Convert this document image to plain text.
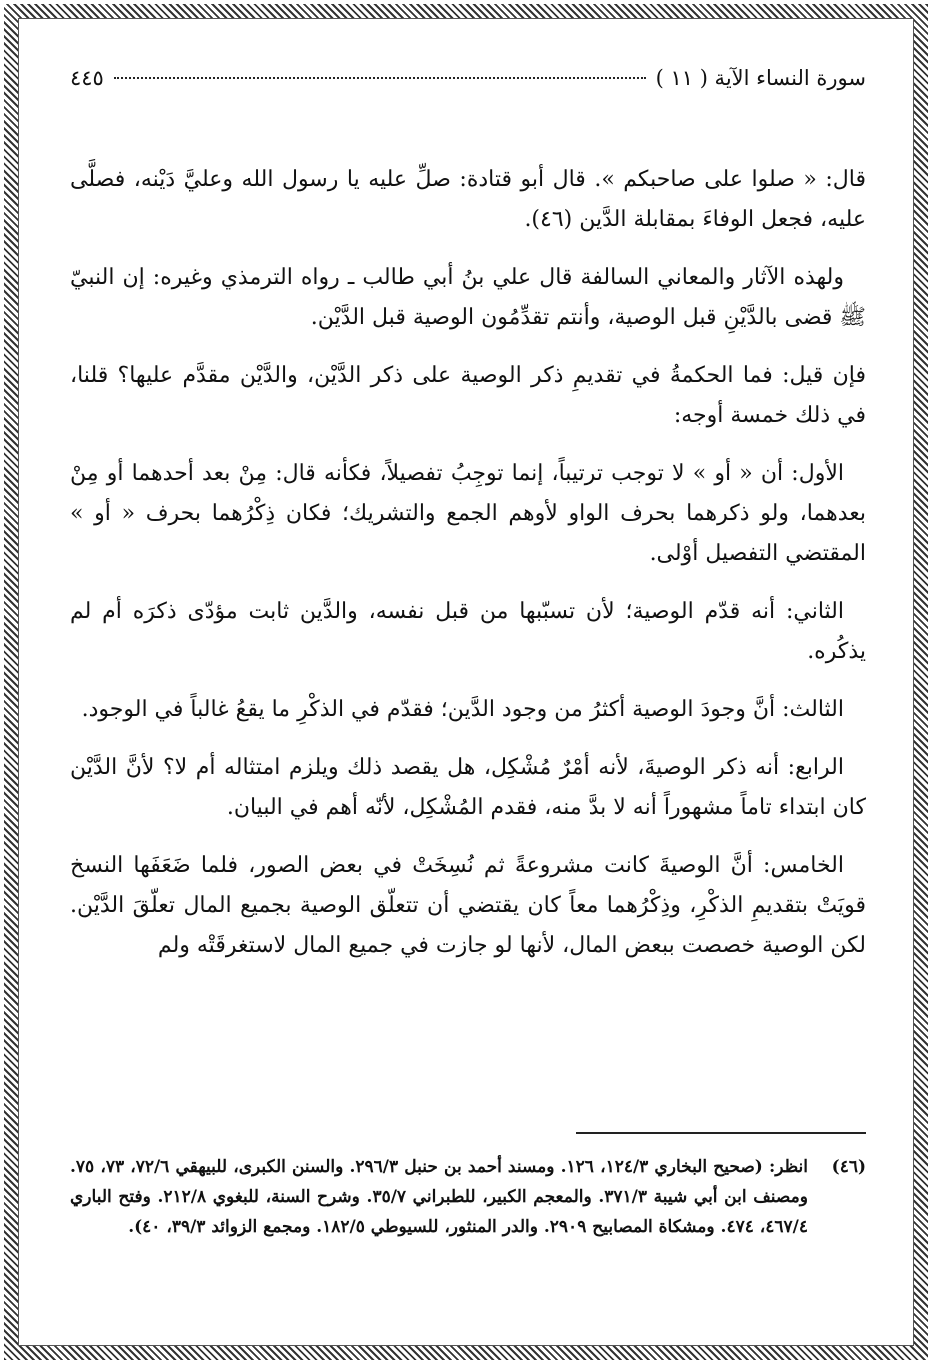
سورة النساء الآية ( ١١ )
٤٤٥

قال: « صلوا على صاحبكم ». قال أبو قتادة: صلِّ عليه يا رسول الله وعليَّ دَيْنه، فصلَّى عليه، فجعل الوفاءَ بمقابلة الدَّين (٤٦).

ولهذه الآثار والمعاني السالفة قال علي بنُ أبي طالب ـ رواه الترمذي وغيره: إن النبيّ ﷺ قضى بالدَّيْنِ قبل الوصية، وأنتم تقدِّمُون الوصية قبل الدَّيْن.

فإن قيل: فما الحكمةُ في تقديمِ ذكر الوصية على ذكر الدَّيْن، والدَّيْن مقدَّم عليها؟ قلنا، في ذلك خمسة أوجه:

الأول: أن « أو » لا توجب ترتيباً، إنما توجِبُ تفصيلاً، فكأنه قال: مِنْ بعد أحدهما أو مِنْ بعدهما، ولو ذكرهما بحرف الواو لأوهم الجمع والتشريك؛ فكان ذِكْرُهما بحرف « أو » المقتضي التفصيل أوْلى.

الثاني: أنه قدّم الوصية؛ لأن تسبّبها من قبل نفسه، والدَّين ثابت مؤدّى ذكرَه أم لم يذكُره.

الثالث: أنَّ وجودَ الوصية أكثرُ من وجود الدَّين؛ فقدّم في الذكْرِ ما يقعُ غالباً في الوجود.

الرابع: أنه ذكر الوصيةَ، لأنه أمْرٌ مُشْكِل، هل يقصد ذلك ويلزم امتثاله أم لا؟ لأنَّ الدَّيْن كان ابتداء تاماً مشهوراً أنه لا بدَّ منه، فقدم المُشْكِل، لأنّه أهم في البيان.

الخامس: أنَّ الوصيةَ كانت مشروعةً ثم نُسِخَتْ في بعض الصور، فلما ضَعَفَها النسخ قويَتْ بتقديمِ الذكْرِ، وذِكْرُهما معاً كان يقتضي أن تتعلّق الوصية بجميع المال تعلّقَ الدَّيْن. لكن الوصية خصصت ببعض المال، لأنها لو جازت في جميع المال لاستغرقَتْه ولم

(٤٦)
انظر: (صحيح البخاري ١٢٤/٣، ١٢٦. ومسند أحمد بن حنبل ٢٩٦/٣. والسنن الكبرى، للبيهقي ٧٢/٦، ٧٣، ٧٥. ومصنف ابن أبي شيبة ٣٧١/٣. والمعجم الكبير، للطبراني ٣٥/٧. وشرح السنة، للبغوي ٢١٢/٨. وفتح الباري ٤٦٧/٤، ٤٧٤. ومشكاة المصابيح ٢٩٠٩. والدر المنثور، للسيوطي ١٨٢/٥. ومجمع الزوائد ٣٩/٣، ٤٠).
